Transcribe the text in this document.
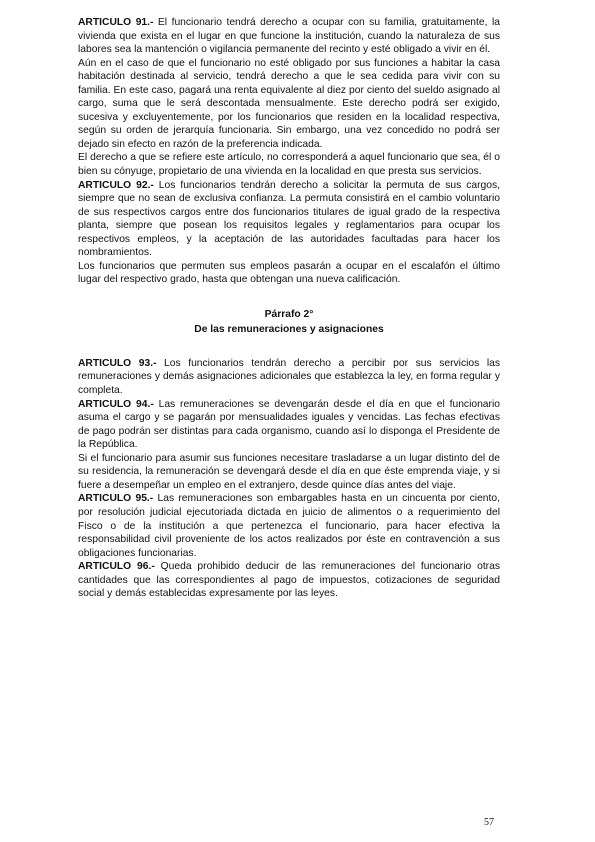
ARTICULO 91.- El funcionario tendrá derecho a ocupar con su familia, gratuitamente, la vivienda que exista en el lugar en que funcione la institución, cuando la naturaleza de sus labores sea la mantención o vigilancia permanente del recinto y esté obligado a vivir en él.

Aún en el caso de que el funcionario no esté obligado por sus funciones a habitar la casa habitación destinada al servicio, tendrá derecho a que le sea cedida para vivir con su familia. En este caso, pagará una renta equivalente al diez por ciento del sueldo asignado al cargo, suma que le será descontada mensualmente. Este derecho podrá ser exigido, sucesiva y excluyentemente, por los funcionarios que residen en la localidad respectiva, según su orden de jerarquía funcionaria. Sin embargo, una vez concedido no podrá ser dejado sin efecto en razón de la preferencia indicada.

El derecho a que se refiere este artículo, no corresponderá a aquel funcionario que sea, él o bien su cónyuge, propietario de una vivienda en la localidad en que presta sus servicios.

ARTICULO 92.- Los funcionarios tendrán derecho a solicitar la permuta de sus cargos, siempre que no sean de exclusiva confianza. La permuta consistirá en el cambio voluntario de sus respectivos cargos entre dos funcionarios titulares de igual grado de la respectiva planta, siempre que posean los requisitos legales y reglamentarios para ocupar los respectivos empleos, y la aceptación de las autoridades facultadas para hacer los nombramientos.

Los funcionarios que permuten sus empleos pasarán a ocupar en el escalafón el último lugar del respectivo grado, hasta que obtengan una nueva calificación.

Párrafo 2°
De las remuneraciones y asignaciones

ARTICULO 93.- Los funcionarios tendrán derecho a percibir por sus servicios las remuneraciones y demás asignaciones adicionales que establezca la ley, en forma regular y completa.

ARTICULO 94.- Las remuneraciones se devengarán desde el día en que el funcionario asuma el cargo y se pagarán por mensualidades iguales y vencidas. Las fechas efectivas de pago podrán ser distintas para cada organismo, cuando así lo disponga el Presidente de la República.

Si el funcionario para asumir sus funciones necesitare trasladarse a un lugar distinto del de su residencia, la remuneración se devengará desde el día en que éste emprenda viaje, y si fuere a desempeñar un empleo en el extranjero, desde quince días antes del viaje.

ARTICULO 95.- Las remuneraciones son embargables hasta en un cincuenta por ciento, por resolución judicial ejecutoriada dictada en juicio de alimentos o a requerimiento del Fisco o de la institución a que pertenezca el funcionario, para hacer efectiva la responsabilidad civil proveniente de los actos realizados por éste en contravención a sus obligaciones funcionarias.

ARTICULO 96.- Queda prohibido deducir de las remuneraciones del funcionario otras cantidades que las correspondientes al pago de impuestos, cotizaciones de seguridad social y demás establecidas expresamente por las leyes.

57
